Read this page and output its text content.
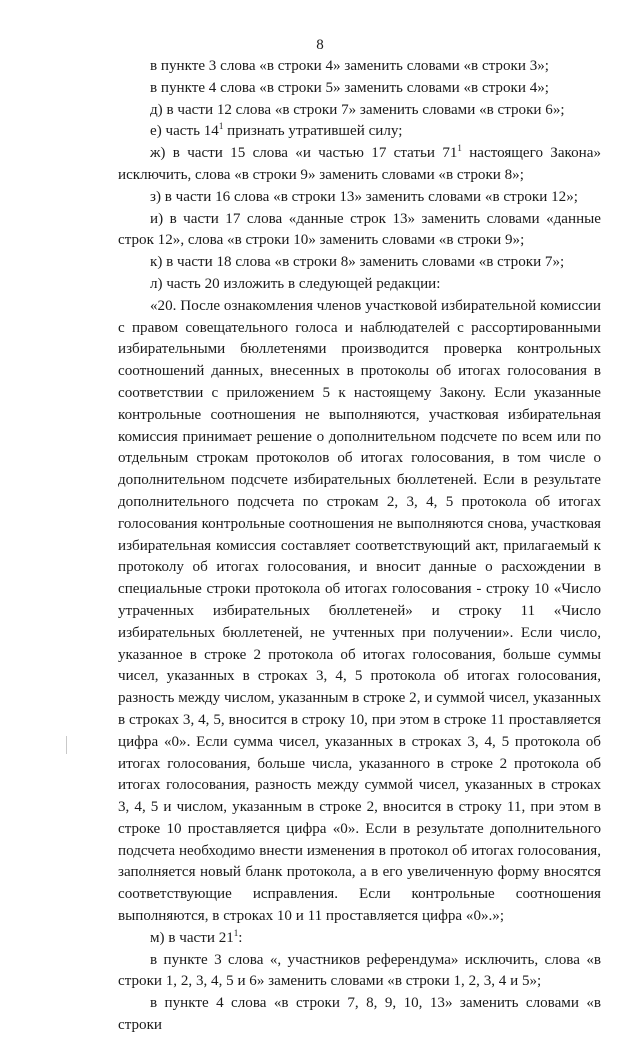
8

в пункте 3 слова «в строки 4» заменить словами «в строки 3»;

в пункте 4 слова «в строки 5» заменить словами «в строки 4»;

д) в части 12 слова «в строки 7» заменить словами «в строки 6»;

е) часть $14^1$ признать утратившей силу;

ж) в части 15 слова «и частью 17 статьи $71^1$ настоящего Закона» исключить, слова «в строки 9» заменить словами «в строки 8»;

з) в части 16 слова «в строки 13» заменить словами «в строки 12»;

и) в части 17 слова «данные строк 13» заменить словами «данные строк 12», слова «в строки 10» заменить словами «в строки 9»;

к) в части 18 слова «в строки 8» заменить словами «в строки 7»;

л) часть 20 изложить в следующей редакции:

«20. После ознакомления членов участковой избирательной комиссии с правом совещательного голоса и наблюдателей с рассортированными избирательными бюллетенями производится проверка контрольных соотношений данных, внесенных в протоколы об итогах голосования в соответствии с приложением 5 к настоящему Закону. Если указанные контрольные соотношения не выполняются, участковая избирательная комиссия принимает решение о дополнительном подсчете по всем или по отдельным строкам протоколов об итогах голосования, в том числе о дополнительном подсчете избирательных бюллетеней. Если в результате дополнительного подсчета по строкам 2, 3, 4, 5 протокола об итогах голосования контрольные соотношения не выполняются снова, участковая избирательная комиссия составляет соответствующий акт, прилагаемый к протоколу об итогах голосования, и вносит данные о расхождении в специальные строки протокола об итогах голосования - строку 10 «Число утраченных избирательных бюллетеней» и строку 11 «Число избирательных бюллетеней, не учтенных при получении». Если число, указанное в строке 2 протокола об итогах голосования, больше суммы чисел, указанных в строках 3, 4, 5 протокола об итогах голосования, разность между числом, указанным в строке 2, и суммой чисел, указанных в строках 3, 4, 5, вносится в строку 10, при этом в строке 11 проставляется цифра «0». Если сумма чисел, указанных в строках 3, 4, 5 протокола об итогах голосования, больше числа, указанного в строке 2 протокола об итогах голосования, разность между суммой чисел, указанных в строках 3, 4, 5 и числом, указанным в строке 2, вносится в строку 11, при этом в строке 10 проставляется цифра «0». Если в результате дополнительного подсчета необходимо внести изменения в протокол об итогах голосования, заполняется новый бланк протокола, а в его увеличенную форму вносятся соответствующие исправления. Если контрольные соотношения выполняются, в строках 10 и 11 проставляется цифра «0».»;

м) в части $21^1$:

в пункте 3 слова «, участников референдума» исключить, слова «в строки 1, 2, 3, 4, 5 и 6» заменить словами «в строки 1, 2, 3, 4 и 5»;

в пункте 4 слова «в строки 7, 8, 9, 10, 13» заменить словами «в строки
